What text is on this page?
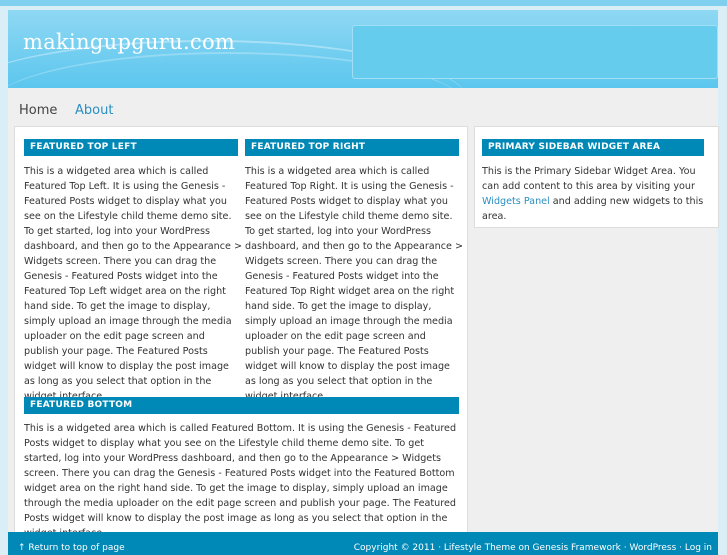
makingupguru.com
Home About
FEATURED TOP LEFT
This is a widgeted area which is called Featured Top Left. It is using the Genesis - Featured Posts widget to display what you see on the Lifestyle child theme demo site. To get started, log into your WordPress dashboard, and then go to the Appearance > Widgets screen. There you can drag the Genesis - Featured Posts widget into the Featured Top Left widget area on the right hand side. To get the image to display, simply upload an image through the media uploader on the edit page screen and publish your page. The Featured Posts widget will know to display the post image as long as you select that option in the
FEATURED TOP RIGHT
This is a widgeted area which is called Featured Top Right. It is using the Genesis - Featured Posts widget to display what you see on the Lifestyle child theme demo site. To get started, log into your WordPress dashboard, and then go to the Appearance > Widgets screen. There you can drag the Genesis - Featured Posts widget into the Featured Top Right widget area on the right hand side. To get the image to display, simply upload an image through the media uploader on the edit page screen and publish your page. The Featured Posts widget will know to display the post image as long as you select that option in the
FEATURED BOTTOM
This is a widgeted area which is called Featured Bottom. It is using the Genesis - Featured Posts widget to display what you see on the Lifestyle child theme demo site. To get started, log into your WordPress dashboard, and then go to the Appearance > Widgets screen. There you can drag the Genesis - Featured Posts widget into the Featured Bottom widget area on the right hand side. To get the image to display, simply upload an image through the media uploader on the edit page screen and publish your page. The Featured Posts widget will know to display the post image as long as you select that option in the
PRIMARY SIDEBAR WIDGET AREA
This is the Primary Sidebar Widget Area. You can add content to this area by visiting your Widgets Panel and adding new widgets to this area.
↑ Return to top of page	Copyright © 2011 · Lifestyle Theme on Genesis Framework · WordPress · Log in
